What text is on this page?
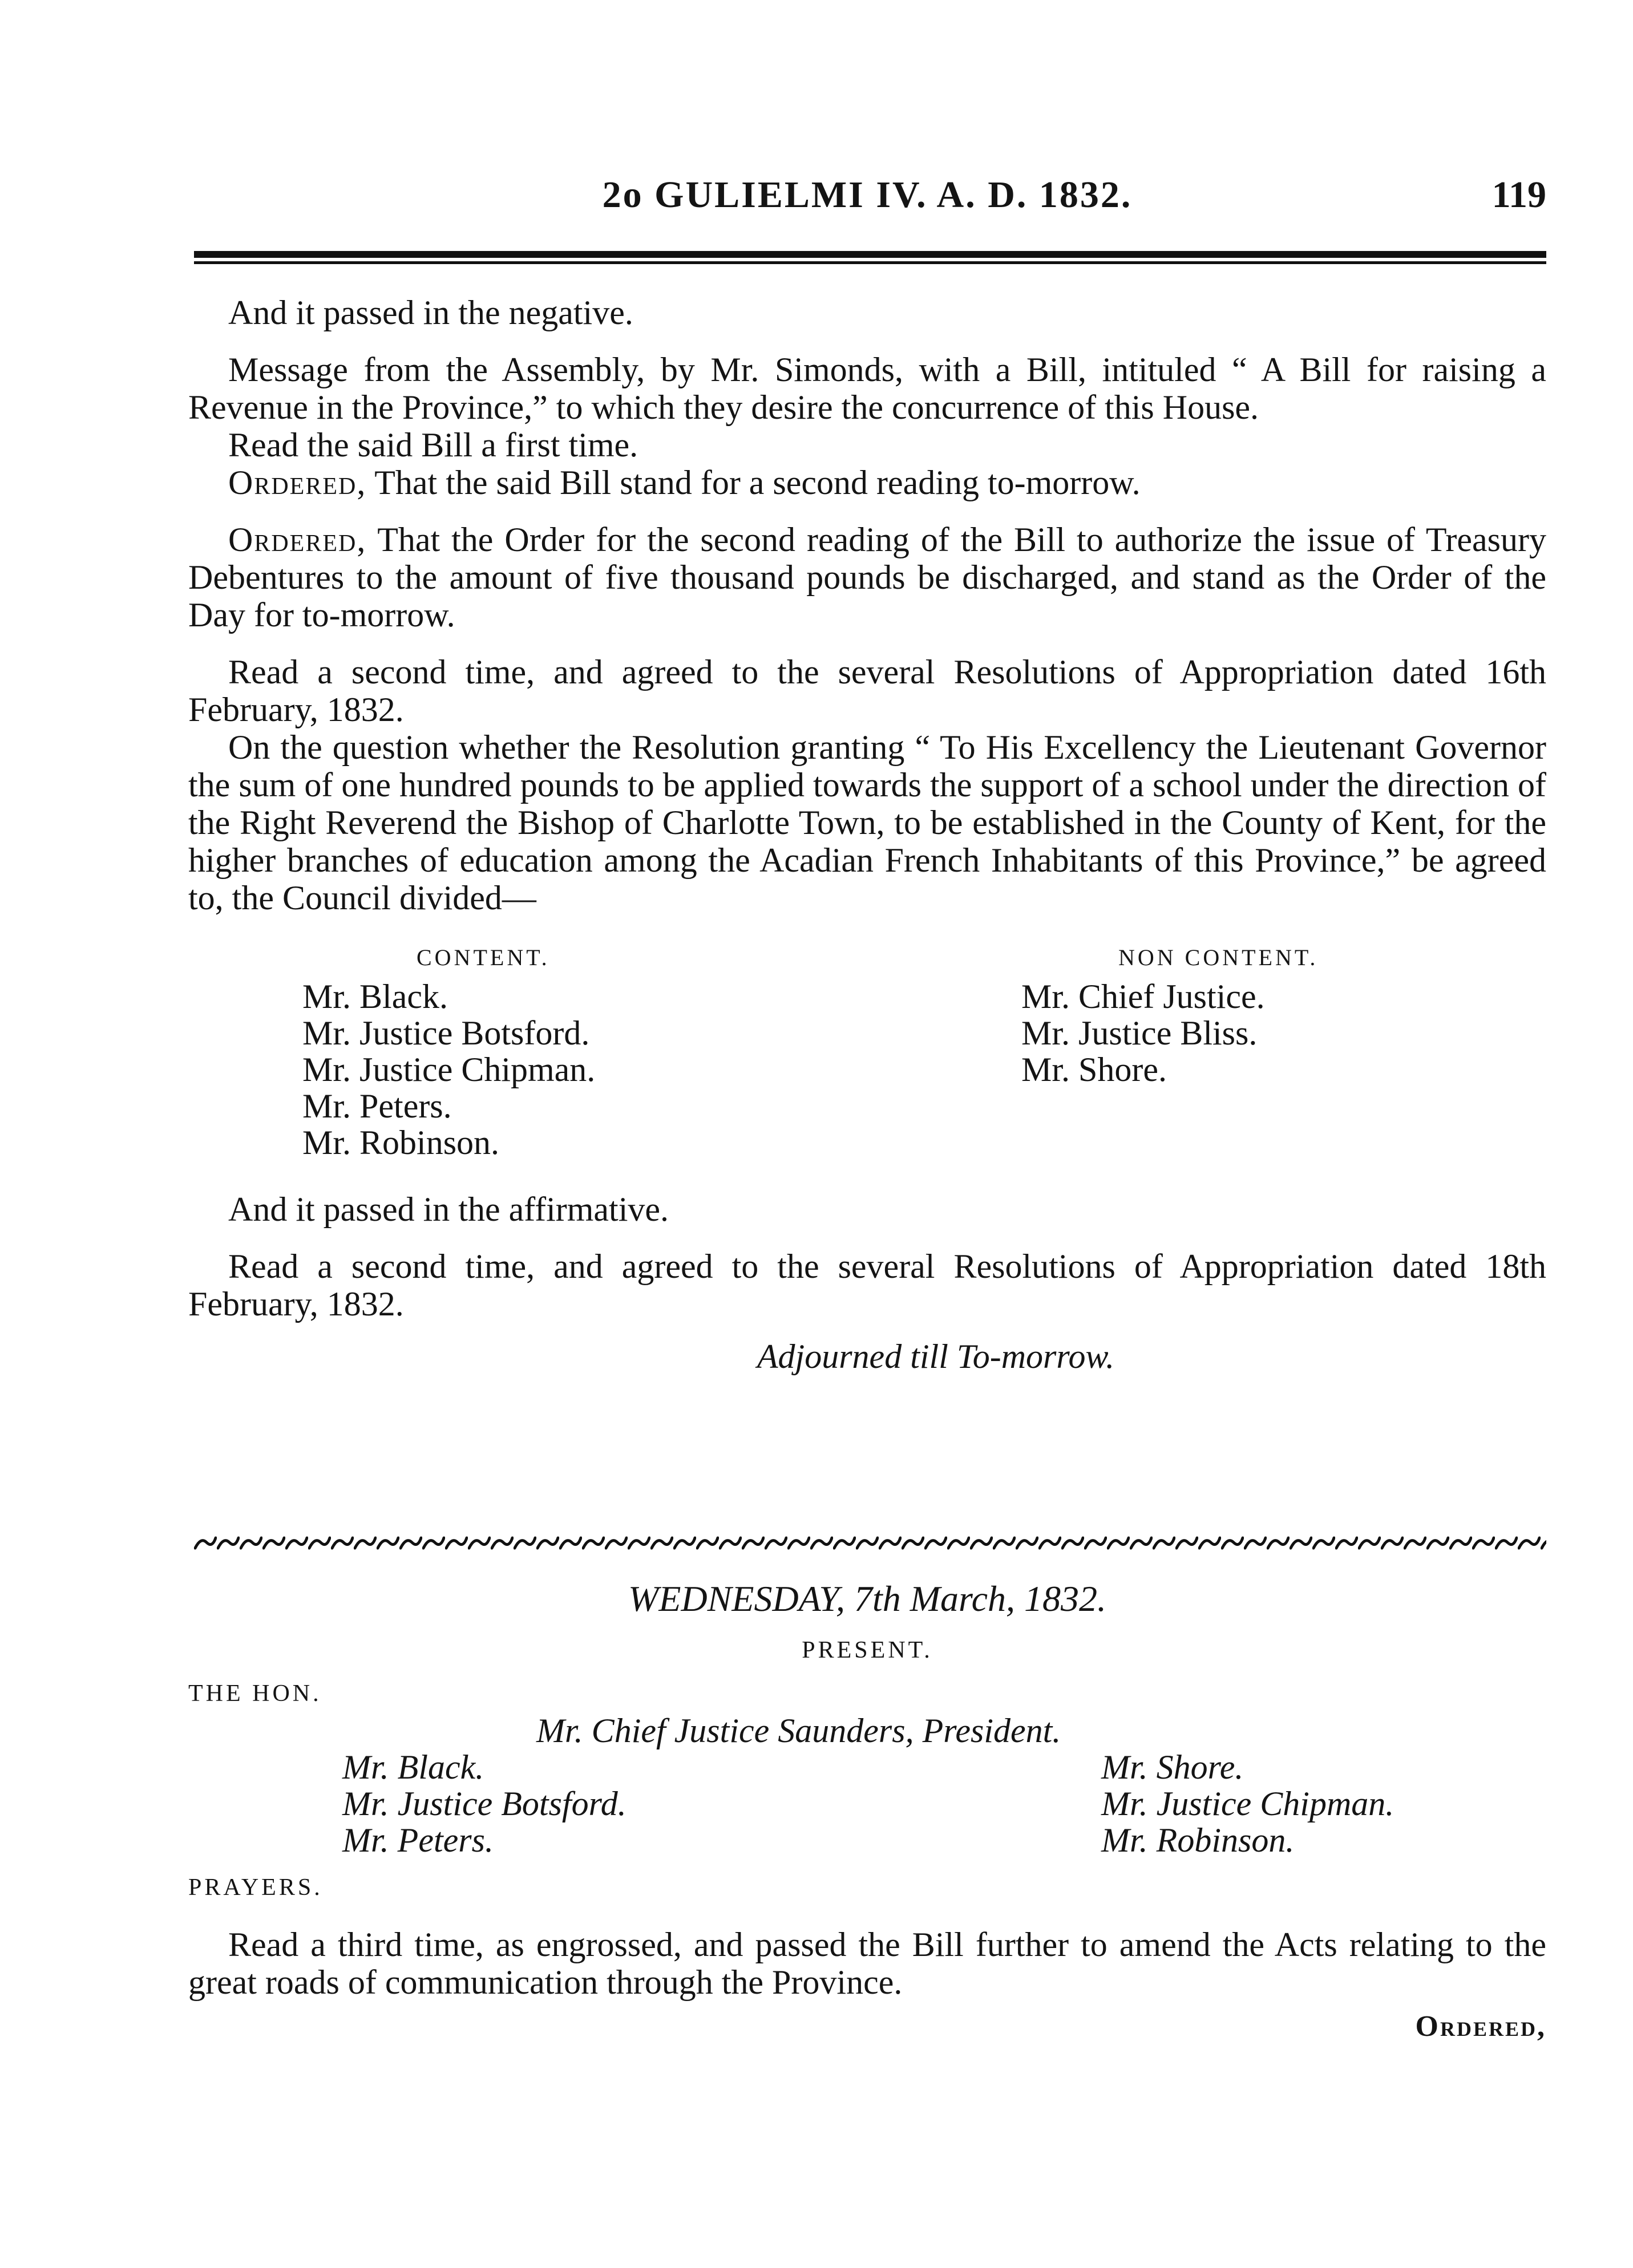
2o GULIELMI IV. A. D. 1832.	119

And it passed in the negative.

Message from the Assembly, by Mr. Simonds, with a Bill, intituled “ A Bill for raising a Revenue in the Province,” to which they desire the concurrence of this House.

Read the said Bill a first time.

Ordered, That the said Bill stand for a second reading to-morrow.

Ordered, That the Order for the second reading of the Bill to authorize the issue of Treasury Debentures to the amount of five thousand pounds be discharged, and stand as the Order of the Day for to-morrow.

Read a second time, and agreed to the several Resolutions of Appropriation dated 16th February, 1832.

On the question whether the Resolution granting “ To His Excellency the Lieutenant Governor the sum of one hundred pounds to be applied towards the support of a school under the direction of the Right Reverend the Bishop of Charlotte Town, to be established in the County of Kent, for the higher branches of education among the Acadian French Inhabitants of this Province,” be agreed to, the Council divided—

CONTENT.
Mr. Black.
Mr. Justice Botsford.
Mr. Justice Chipman.
Mr. Peters.
Mr. Robinson.
NON CONTENT.
Mr. Chief Justice.
Mr. Justice Bliss.
Mr. Shore.

And it passed in the affirmative.

Read a second time, and agreed to the several Resolutions of Appropriation dated 18th February, 1832.

Adjourned till To-morrow.

WEDNESDAY, 7th March, 1832.

PRESENT.

THE HON.

Mr. Chief Justice Saunders, President.
Mr. Black.
Mr. Justice Botsford.
Mr. Peters.
Mr. Shore.
Mr. Justice Chipman.
Mr. Robinson.

PRAYERS.

Read a third time, as engrossed, and passed the Bill further to amend the Acts relating to the great roads of communication through the Province.

Ordered,
